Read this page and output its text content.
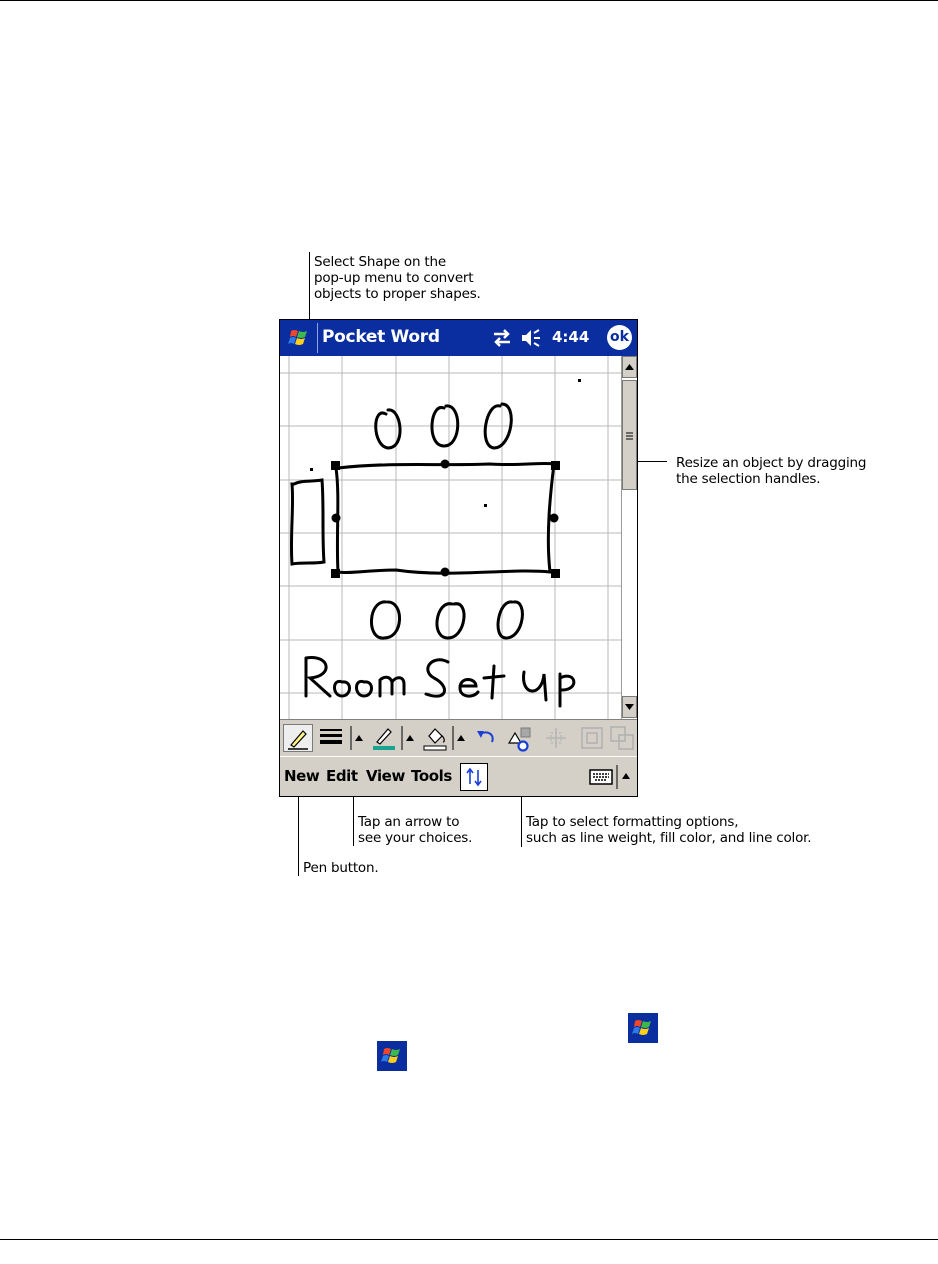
Select Shape on the
pop-up menu to convert
objects to proper shapes.
Resize an object by dragging
the selection handles.
Tap an arrow to
see your choices.
Tap to select formatting options,
such as line weight, fill color, and line color.
Pen button.
Pocket Word	4:44 ok
New Edit View Tools
